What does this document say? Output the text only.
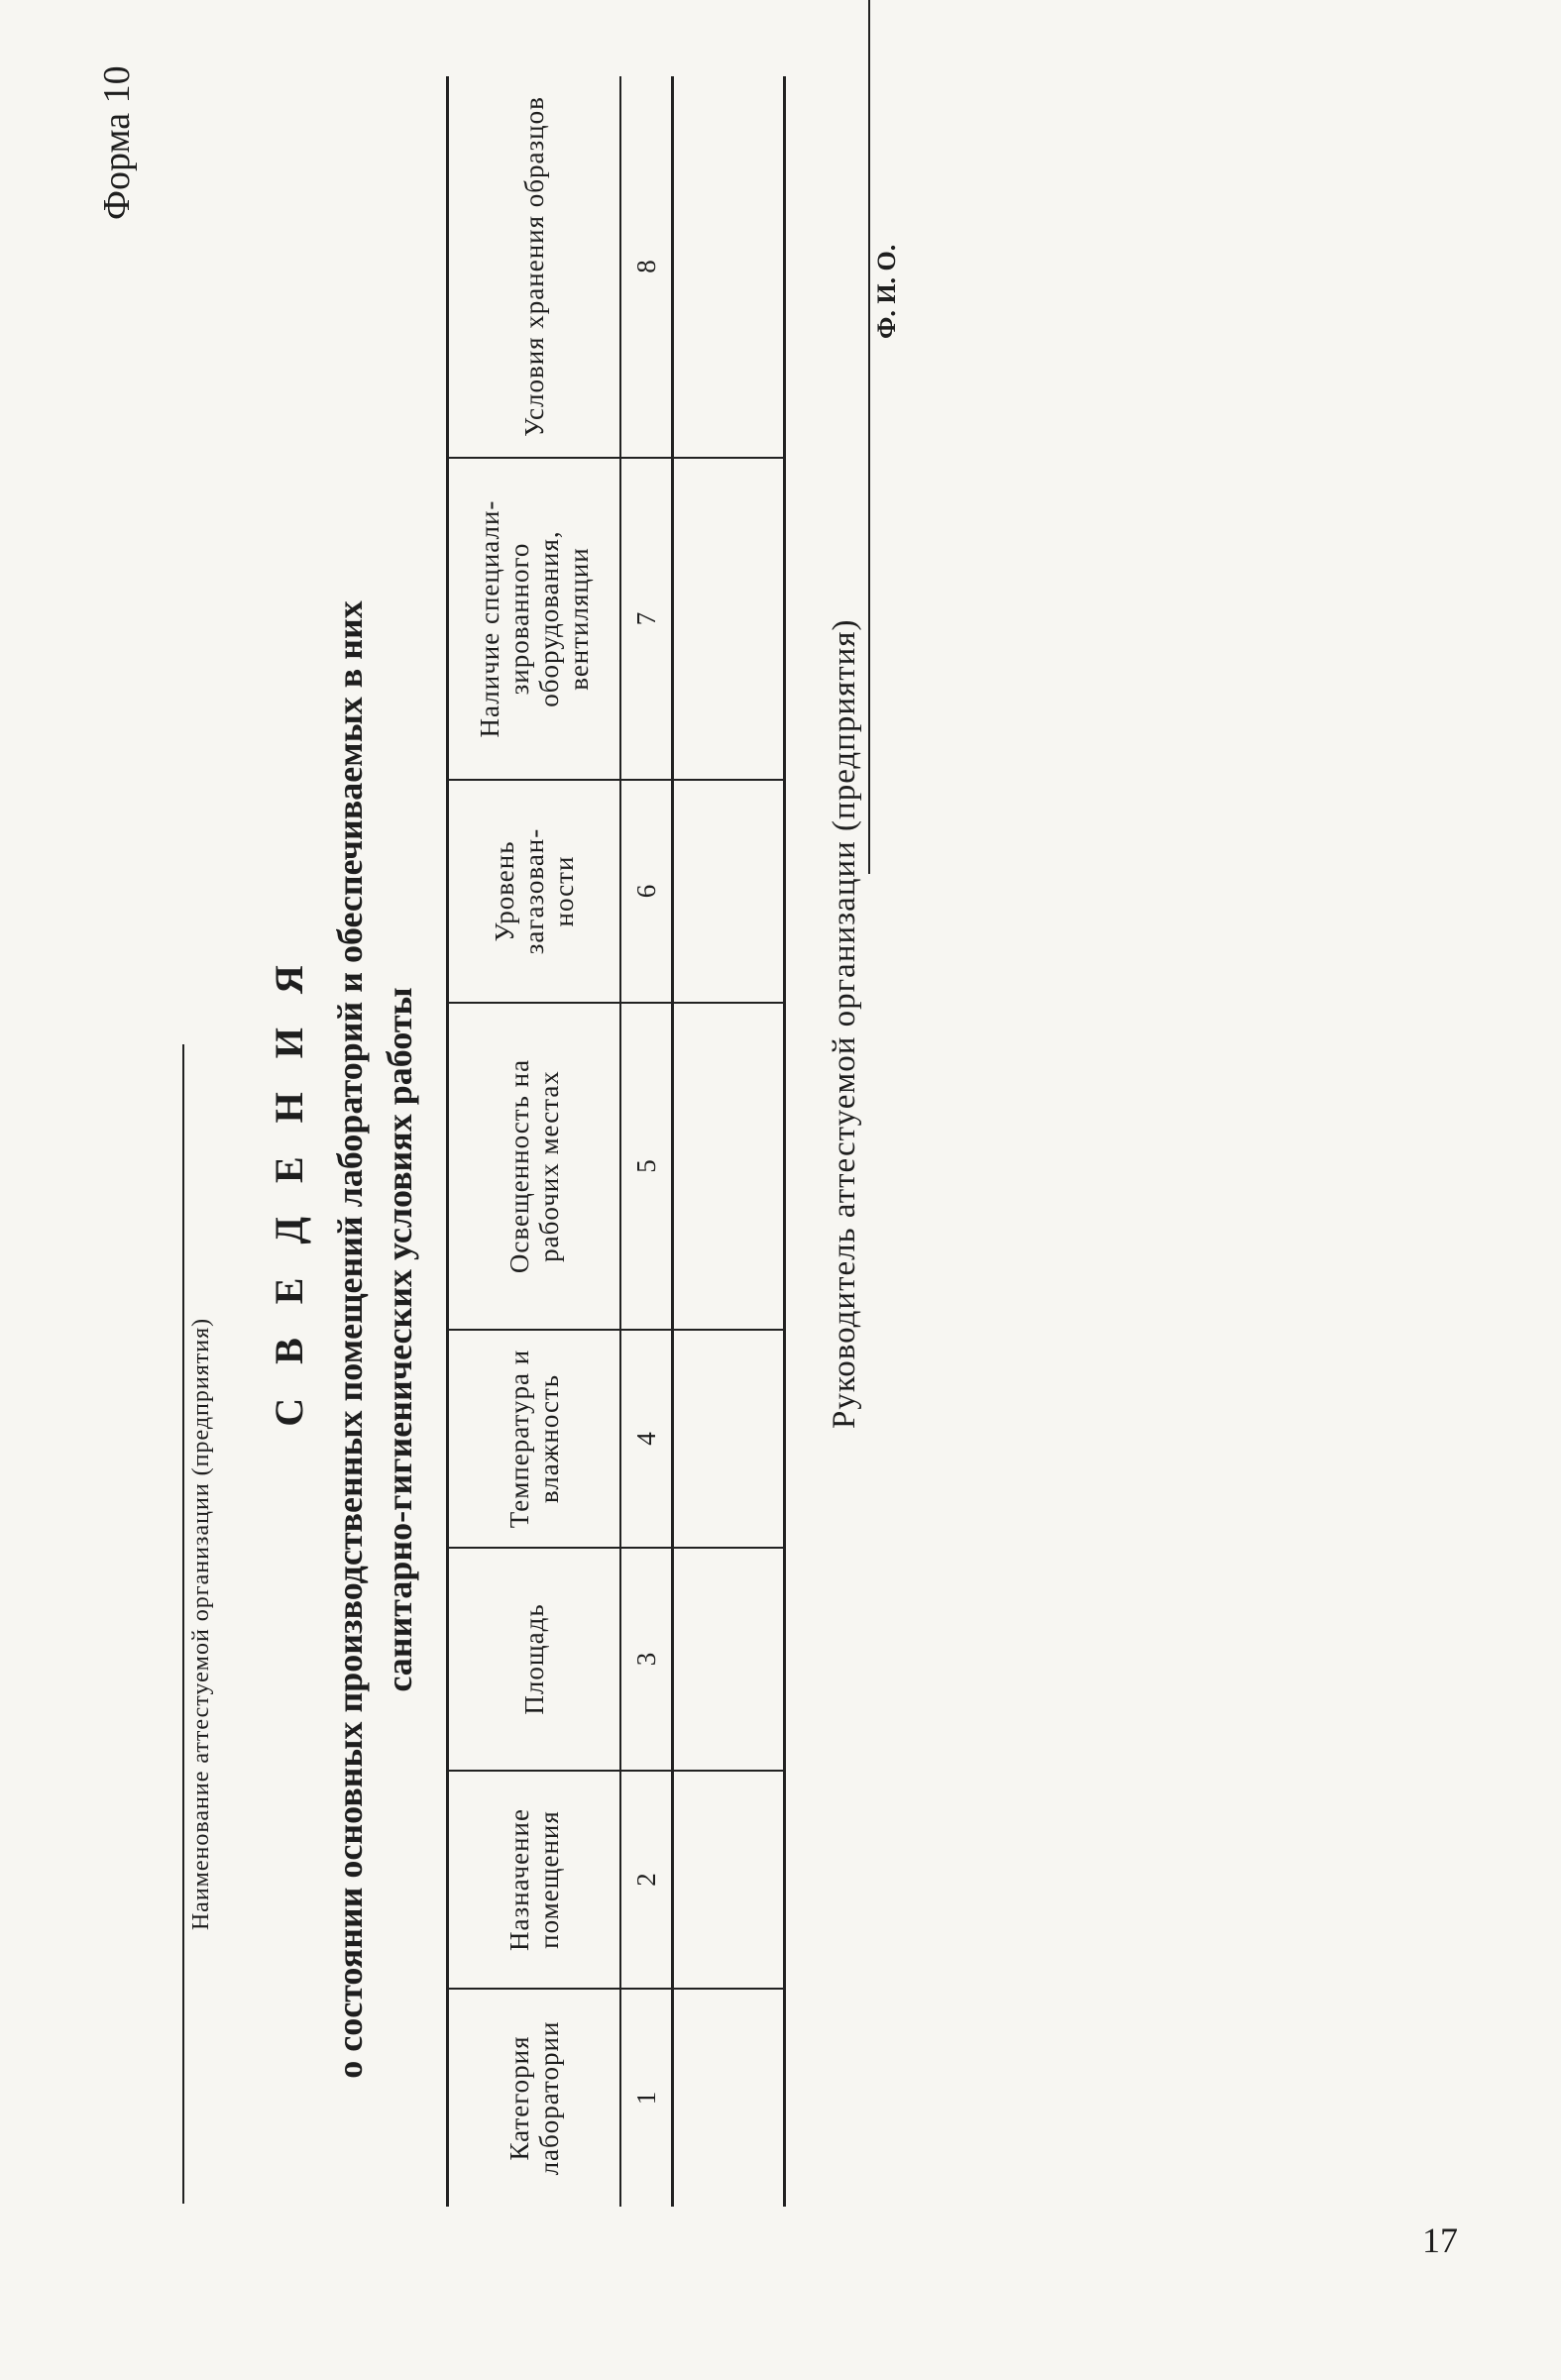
Форма 10
Наименование аттестуемой организации (предприятия)
С В Е Д Е Н И Я о состоянии основных производственных помещений лабораторий и обеспечиваемых в них санитарно-гигиенических условиях работы
Категория лаборатории	Назначение помещения	Площадь	Температура и влажность	Освещенность на рабочих местах	Уровень загазован-ности	Наличие специали-зированного оборудования, вентиляции	Условия хранения образцов
1	2	3	4	5	6	7	8

Руководитель аттестуемой организации (предприятия)
Ф. И. О.
17
